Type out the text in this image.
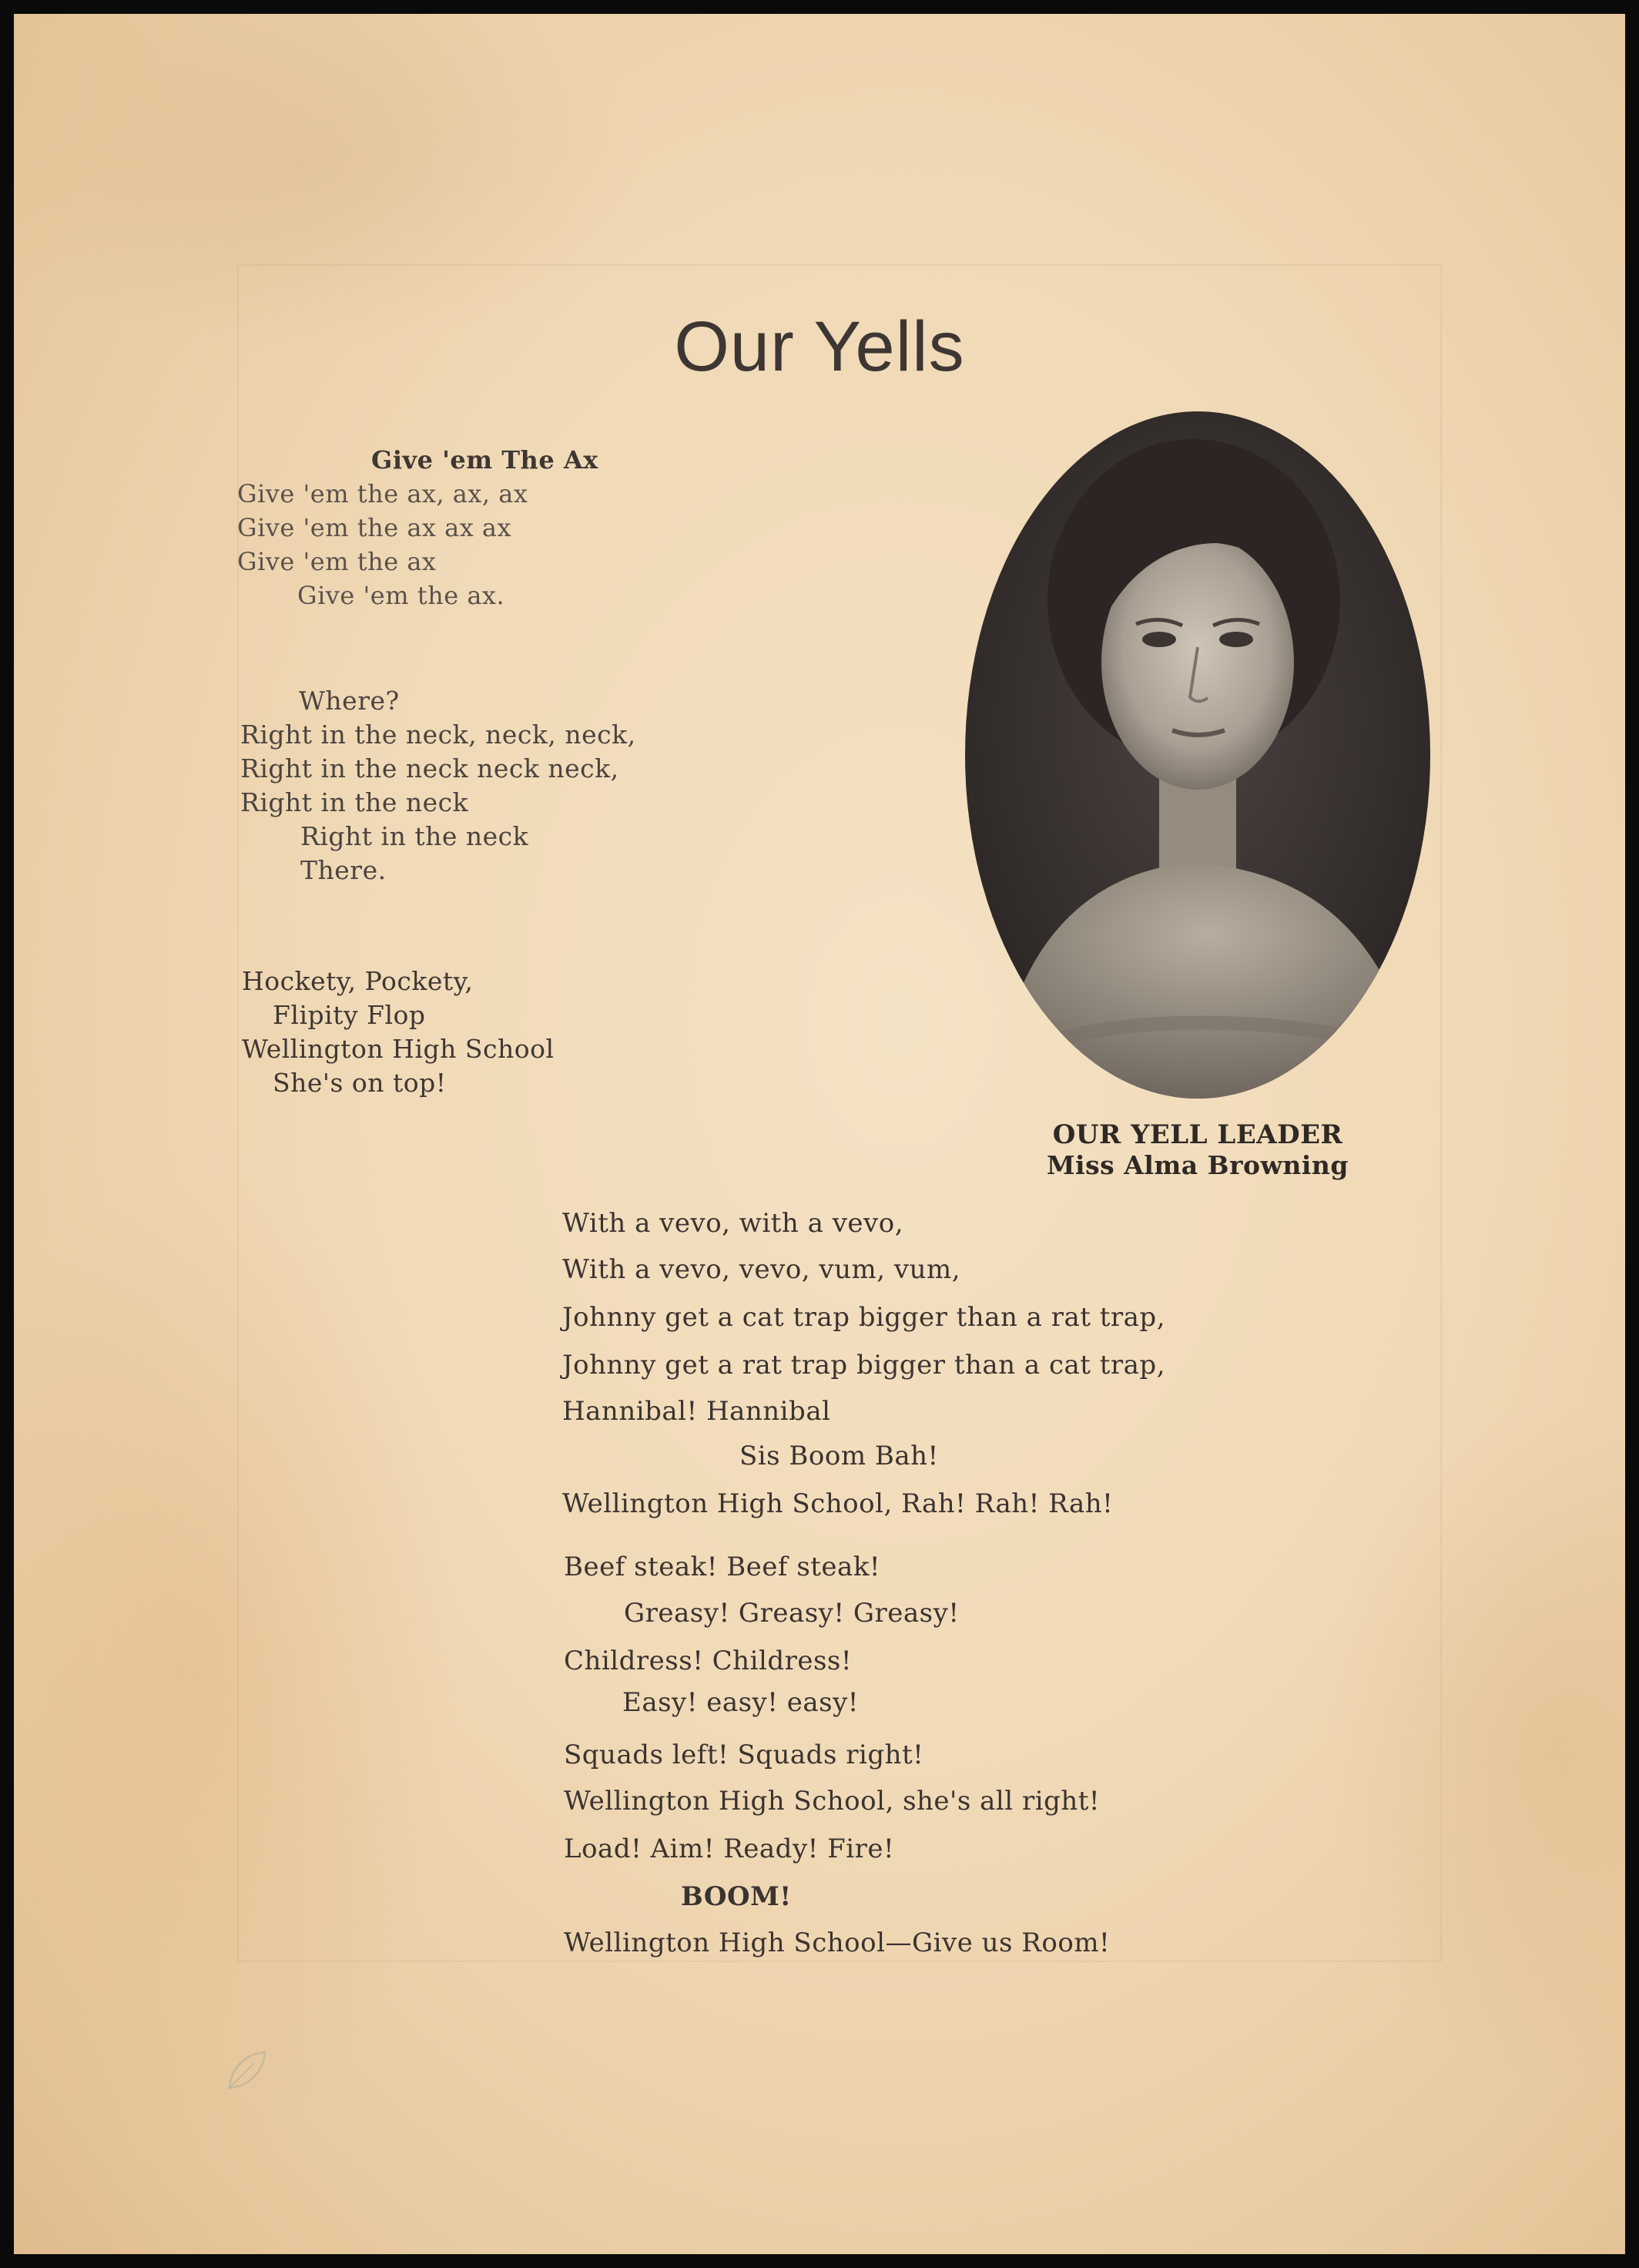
Our Yells
Give 'em The Ax
Give 'em the ax, ax, ax
Give 'em the ax ax ax
Give 'em the ax
Give 'em the ax.
Where?
Right in the neck, neck, neck,
Right in the neck neck neck,
Right in the neck
Right in the neck
There.
Hockety, Pockety,
Flipity Flop
Wellington High School
She's on top!
OUR YELL LEADER
Miss Alma Browning
With a vevo, with a vevo,
With a vevo, vevo, vum, vum,
Johnny get a cat trap bigger than a rat trap,
Johnny get a rat trap bigger than a cat trap,
Hannibal! Hannibal
Sis Boom Bah!
Wellington High School, Rah! Rah! Rah!
Beef steak! Beef steak!
Greasy! Greasy! Greasy!
Childress! Childress!
Easy! easy! easy!
Squads left! Squads right!
Wellington High School, she's all right!
Load! Aim! Ready! Fire!
BOOM!
Wellington High School—Give us Room!
